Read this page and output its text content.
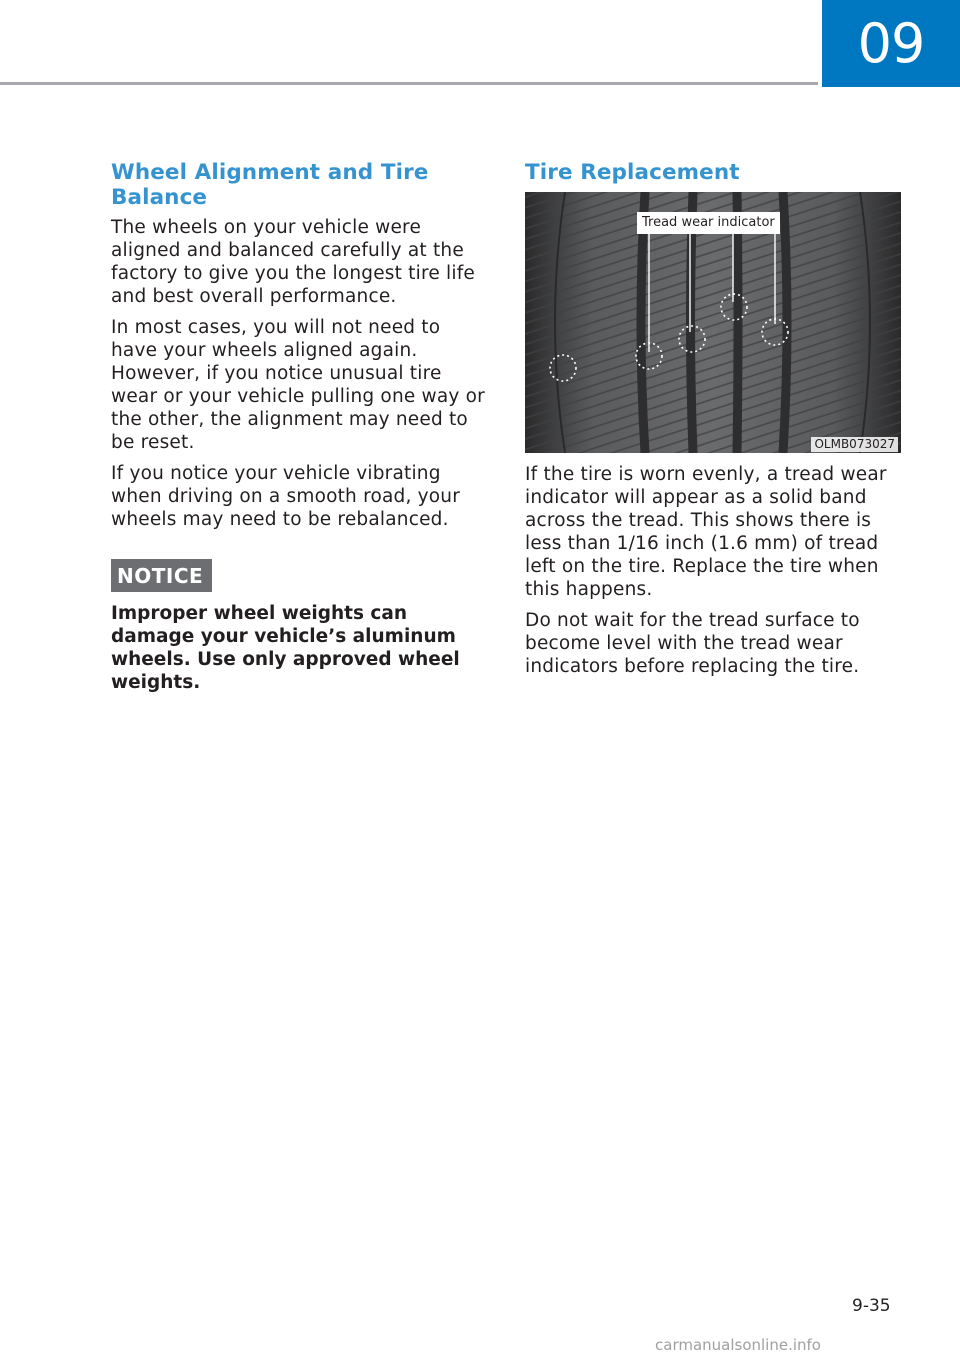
09
Wheel Alignment and Tire Balance

The wheels on your vehicle were aligned and balanced carefully at the factory to give you the longest tire life and best overall performance.

In most cases, you will not need to have your wheels aligned again. However, if you notice unusual tire wear or your vehicle pulling one way or the other, the alignment may need to be reset.

If you notice your vehicle vibrating when driving on a smooth road, your wheels may need to be rebalanced.

NOTICE
Improper wheel weights can damage your vehicle’s aluminum wheels. Use only approved wheel weights.
Tire Replacement
Tread wear indicator
OLMB073027

If the tire is worn evenly, a tread wear indicator will appear as a solid band across the tread. This shows there is less than 1/16 inch (1.6 mm) of tread left on the tire. Replace the tire when this happens.

Do not wait for the tread surface to become level with the tread wear indicators before replacing the tire.

9-35
carmanualsonline.info
